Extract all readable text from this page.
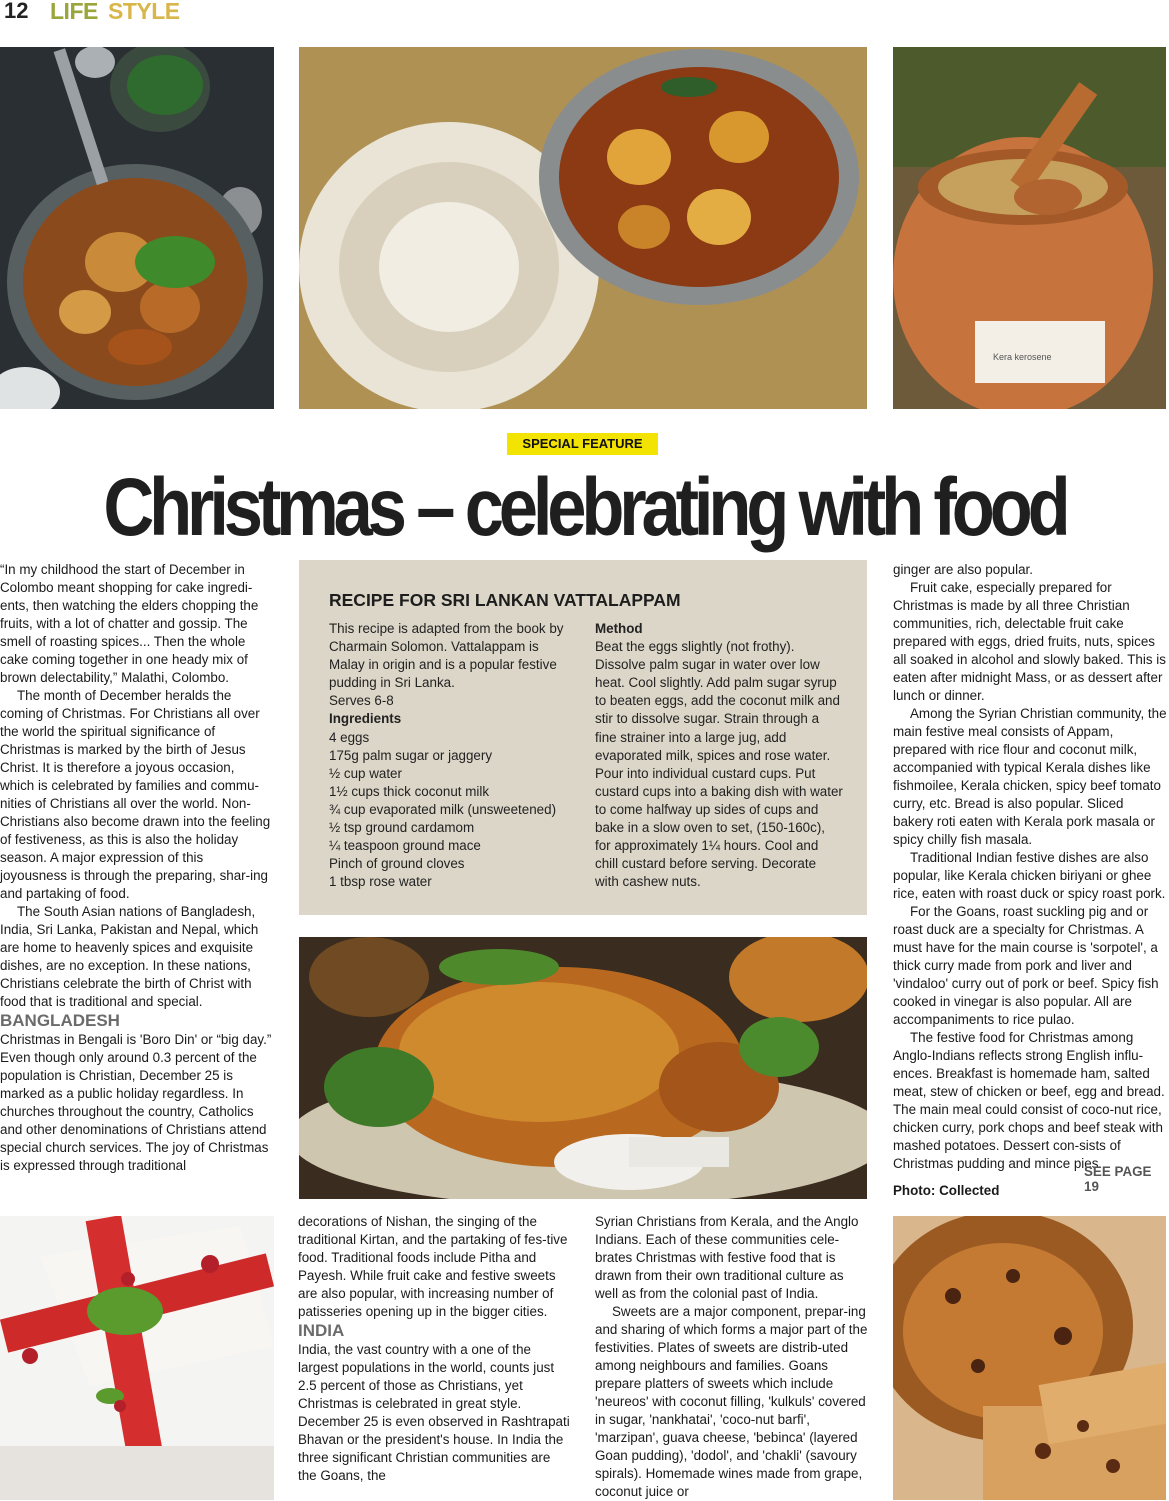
12 LIFE STYLE
Kera kerosene
SPECIAL FEATURE
Christmas – celebrating with food

“In my childhood the start of December in Colombo meant shopping for cake ingredi-ents, then watching the elders chopping the fruits, with a lot of chatter and gossip. The smell of roasting spices... Then the whole cake coming together in one heady mix of brown delectability,” Malathi, Colombo.

The month of December heralds the coming of Christmas. For Christians all over the world the spiritual significance of Christmas is marked by the birth of Jesus Christ. It is therefore a joyous occasion, which is celebrated by families and commu-nities of Christians all over the world. Non-Christians also become drawn into the feeling of festiveness, as this is also the holiday season. A major expression of this joyousness is through the preparing, shar-ing and partaking of food.

The South Asian nations of Bangladesh, India, Sri Lanka, Pakistan and Nepal, which are home to heavenly spices and exquisite dishes, are no exception. In these nations, Christians celebrate the birth of Christ with food that is traditional and special.

BANGLADESH

Christmas in Bengali is 'Boro Din' or “big day.” Even though only around 0.3 percent of the population is Christian, December 25 is marked as a public holiday regardless. In churches throughout the country, Catholics and other denominations of Christians attend special church services. The joy of Christmas is expressed through traditional

RECIPE FOR SRI LANKAN VATTALAPPAM

This recipe is adapted from the book by Charmain Solomon. Vattalappam is Malay in origin and is a popular festive pudding in Sri Lanka.

Serves 6-8

Ingredients

4 eggs

175g palm sugar or jaggery

½ cup water

1½ cups thick coconut milk

¾ cup evaporated milk (unsweetened)

½ tsp ground cardamom

¼ teaspoon ground mace

Pinch of ground cloves

1 tbsp rose water

Method

Beat the eggs slightly (not frothy). Dissolve palm sugar in water over low heat. Cool slightly. Add palm sugar syrup to beaten eggs, add the coconut milk and stir to dissolve sugar. Strain through a fine strainer into a large jug, add evaporated milk, spices and rose water. Pour into individual custard cups. Put custard cups into a baking dish with water to come halfway up sides of cups and bake in a slow oven to set, (150-160c), for approximately 1¼ hours. Cool and chill custard before serving. Decorate with cashew nuts.

decorations of Nishan, the singing of the traditional Kirtan, and the partaking of fes-tive food. Traditional foods include Pitha and Payesh. While fruit cake and festive sweets are also popular, with increasing number of patisseries opening up in the bigger cities.

INDIA

India, the vast country with a one of the largest populations in the world, counts just 2.5 percent of those as Christians, yet Christmas is celebrated in great style. December 25 is even observed in Rashtrapati Bhavan or the president's house. In India the three significant Christian communities are the Goans, the

Syrian Christians from Kerala, and the Anglo Indians. Each of these communities cele-brates Christmas with festive food that is drawn from their own traditional culture as well as from the colonial past of India.

Sweets are a major component, prepar-ing and sharing of which forms a major part of the festivities. Plates of sweets are distrib-uted among neighbours and families. Goans prepare platters of sweets which include 'neureos' with coconut filling, 'kulkuls' covered in sugar, 'nankhatai', 'coco-nut barfi', 'marzipan', guava cheese, 'bebinca' (layered Goan pudding), 'dodol', and 'chakli' (savoury spirals). Homemade wines made from grape, coconut juice or

ginger are also popular.

Fruit cake, especially prepared for Christmas is made by all three Christian communities, rich, delectable fruit cake prepared with eggs, dried fruits, nuts, spices all soaked in alcohol and slowly baked. This is eaten after midnight Mass, or as dessert after lunch or dinner.

Among the Syrian Christian community, the main festive meal consists of Appam, prepared with rice flour and coconut milk, accompanied with typical Kerala dishes like fishmoilee, Kerala chicken, spicy beef tomato curry, etc. Bread is also popular. Sliced bakery roti eaten with Kerala pork masala or spicy chilly fish masala.

Traditional Indian festive dishes are also popular, like Kerala chicken biriyani or ghee rice, eaten with roast duck or spicy roast pork.

For the Goans, roast suckling pig and or roast duck are a specialty for Christmas. A must have for the main course is 'sorpotel', a thick curry made from pork and liver and 'vindaloo' curry out of pork or beef. Spicy fish cooked in vinegar is also popular. All are accompaniments to rice pulao.

The festive food for Christmas among Anglo-Indians reflects strong English influ-ences. Breakfast is homemade ham, salted meat, stew of chicken or beef, egg and bread. The main meal could consist of coco-nut rice, chicken curry, pork chops and beef steak with mashed potatoes. Dessert con-sists of Christmas pudding and mince pies.

SEE PAGE 19
Photo: Collected
